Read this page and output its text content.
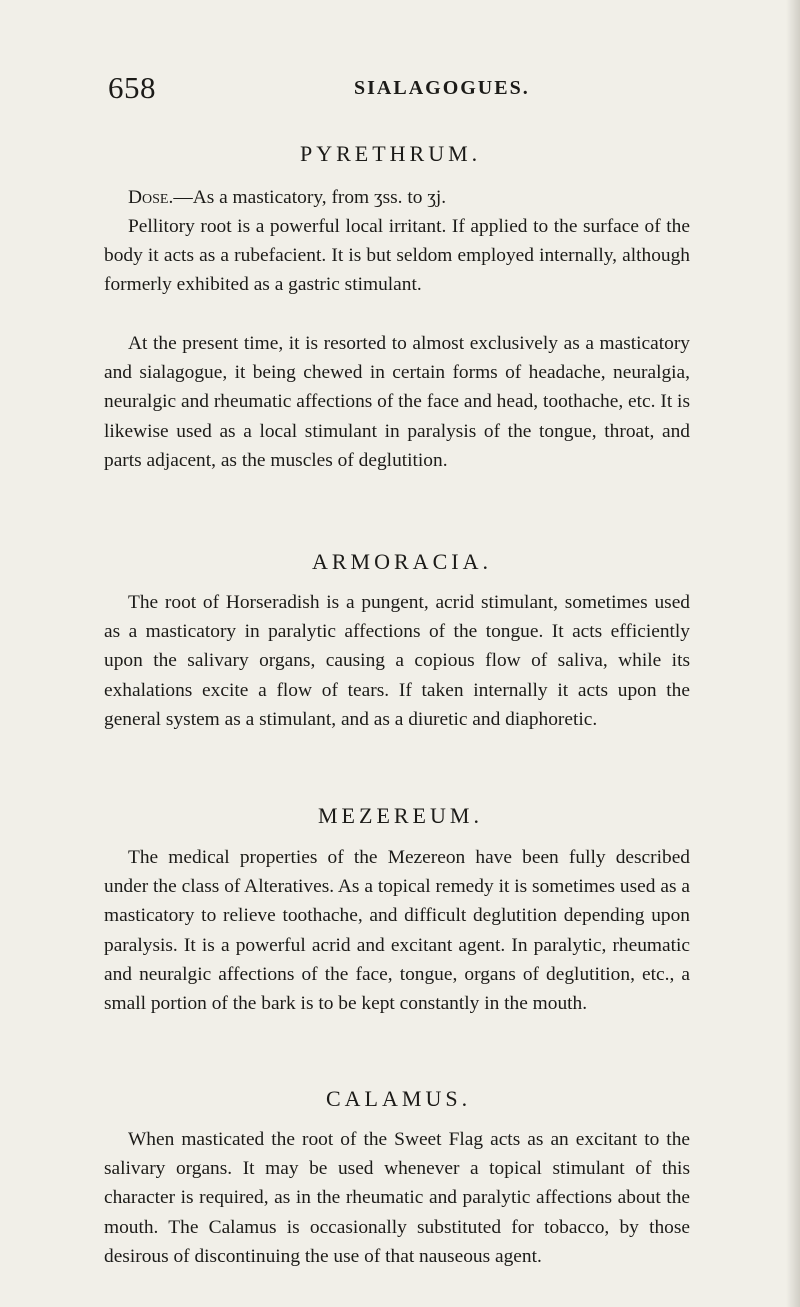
658	SIALAGOGUES.
PYRETHRUM.

Dose.—As a masticatory, from ʒss. to ʒj.

Pellitory root is a powerful local irritant. If applied to the surface of the body it acts as a rubefacient. It is but seldom employed internally, although formerly exhibited as a gastric stimulant.

At the present time, it is resorted to almost exclusively as a masticatory and sialagogue, it being chewed in certain forms of headache, neuralgia, neuralgic and rheumatic affections of the face and head, toothache, etc. It is likewise used as a local stimulant in paralysis of the tongue, throat, and parts adjacent, as the muscles of deglutition.

ARMORACIA.

The root of Horseradish is a pungent, acrid stimulant, sometimes used as a masticatory in paralytic affections of the tongue. It acts efficiently upon the salivary organs, causing a copious flow of saliva, while its exhalations excite a flow of tears. If taken internally it acts upon the general system as a stimulant, and as a diuretic and diaphoretic.

MEZEREUM.

The medical properties of the Mezereon have been fully described under the class of Alteratives. As a topical remedy it is sometimes used as a masticatory to relieve toothache, and difficult deglutition depending upon paralysis. It is a powerful acrid and excitant agent. In paralytic, rheumatic and neuralgic affections of the face, tongue, organs of deglutition, etc., a small portion of the bark is to be kept constantly in the mouth.

CALAMUS.

When masticated the root of the Sweet Flag acts as an excitant to the salivary organs. It may be used whenever a topical stimulant of this character is required, as in the rheumatic and paralytic affections about the mouth. The Calamus is occasionally substituted for tobacco, by those desirous of discontinuing the use of that nauseous agent.
